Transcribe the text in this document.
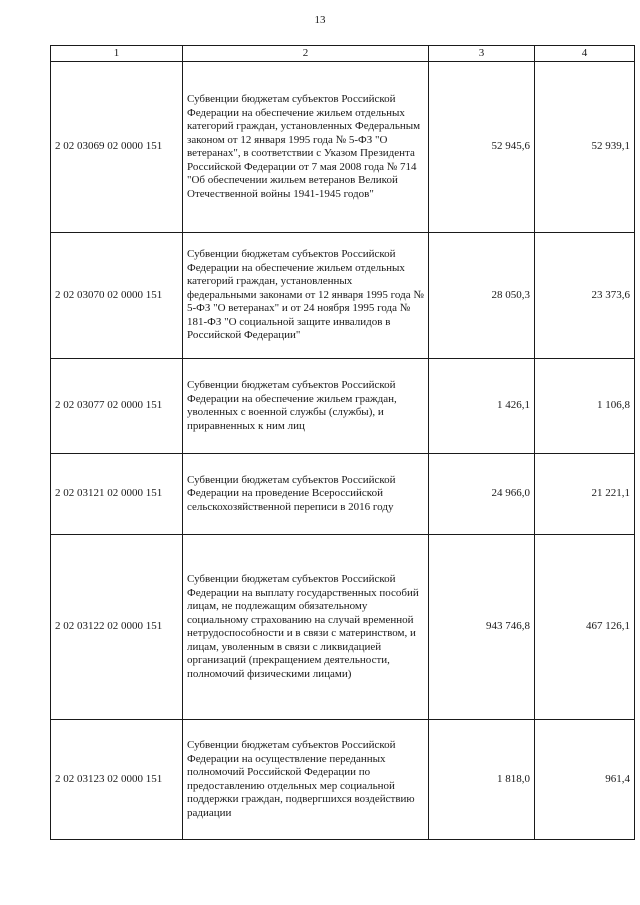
13
1	2	3	4
2 02 03069 02 0000 151	Субвенции бюджетам субъектов Российской Федерации на обеспечение жильем отдельных категорий граждан, установленных Федеральным законом от 12 января 1995 года № 5-ФЗ "О ветеранах", в соответствии с Указом Президента Российской Федерации от 7 мая 2008 года № 714 "Об обеспечении жильем ветеранов Великой Отечественной войны 1941-1945 годов"	52 945,6	52 939,1
2 02 03070 02 0000 151	Субвенции бюджетам субъектов Российской Федерации на обеспечение жильем отдельных категорий граждан, установленных федеральными законами от 12 января 1995 года № 5-ФЗ "О ветеранах" и от 24 ноября 1995 года № 181-ФЗ "О социальной защите инвалидов в Российской Федерации"	28 050,3	23 373,6
2 02 03077 02 0000 151	Субвенции бюджетам субъектов Российской Федерации на обеспечение жильем граждан, уволенных с военной службы (службы), и приравненных к ним лиц	1 426,1	1 106,8
2 02 03121 02 0000 151	Субвенции бюджетам субъектов Российской Федерации на проведение Всероссийской сельскохозяйственной переписи в 2016 году	24 966,0	21 221,1
2 02 03122 02 0000 151	Субвенции бюджетам субъектов Российской Федерации на выплату государственных пособий лицам, не подлежащим обязательному социальному страхованию на случай временной нетрудоспособности и в связи с материнством, и лицам, уволенным в связи с ликвидацией организаций (прекращением деятельности, полномочий физическими лицами)	943 746,8	467 126,1
2 02 03123 02 0000 151	Субвенции бюджетам субъектов Российской Федерации на осуществление переданных полномочий Российской Федерации по предоставлению отдельных мер социальной поддержки граждан, подвергшихся воздействию радиации	1 818,0	961,4
